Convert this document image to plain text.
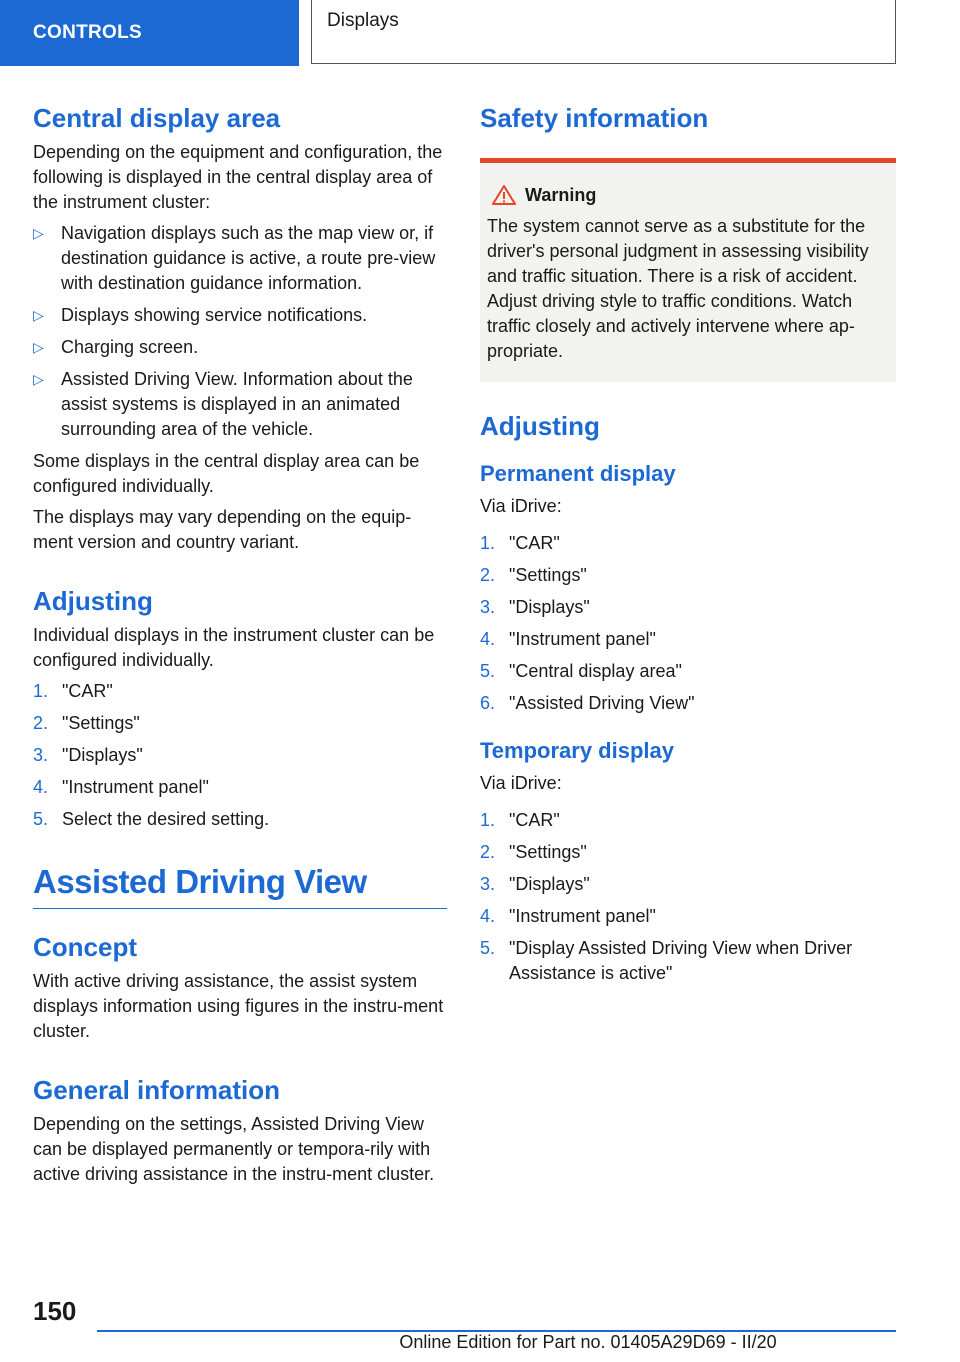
CONTROLS
Displays
Central display area

Depending on the equipment and configuration, the following is displayed in the central display area of the instrument cluster:

▷ Navigation displays such as the map view or, if destination guidance is active, a route pre-view with destination guidance information.
▷ Displays showing service notifications.
▷ Charging screen.
▷ Assisted Driving View. Information about the assist systems is displayed in an animated surrounding area of the vehicle.

Some displays in the central display area can be configured individually.

The displays may vary depending on the equip-ment version and country variant.

Adjusting

Individual displays in the instrument cluster can be configured individually.

1. "CAR"
2. "Settings"
3. "Displays"
4. "Instrument panel"
5. Select the desired setting.
Assisted Driving View
Concept

With active driving assistance, the assist system displays information using figures in the instru-ment cluster.

General information

Depending on the settings, Assisted Driving View can be displayed permanently or tempora-rily with active driving assistance in the instru-ment cluster.

Safety information
Warning

The system cannot serve as a substitute for the driver's personal judgment in assessing visibility and traffic situation. There is a risk of accident. Adjust driving style to traffic conditions. Watch traffic closely and actively intervene where ap-propriate.

Adjusting
Permanent display

Via iDrive:

1. "CAR"
2. "Settings"
3. "Displays"
4. "Instrument panel"
5. "Central display area"
6. "Assisted Driving View"
Temporary display

Via iDrive:

1. "CAR"
2. "Settings"
3. "Displays"
4. "Instrument panel"
5. "Display Assisted Driving View when Driver Assistance is active"
150
Online Edition for Part no. 01405A29D69 - II/20
